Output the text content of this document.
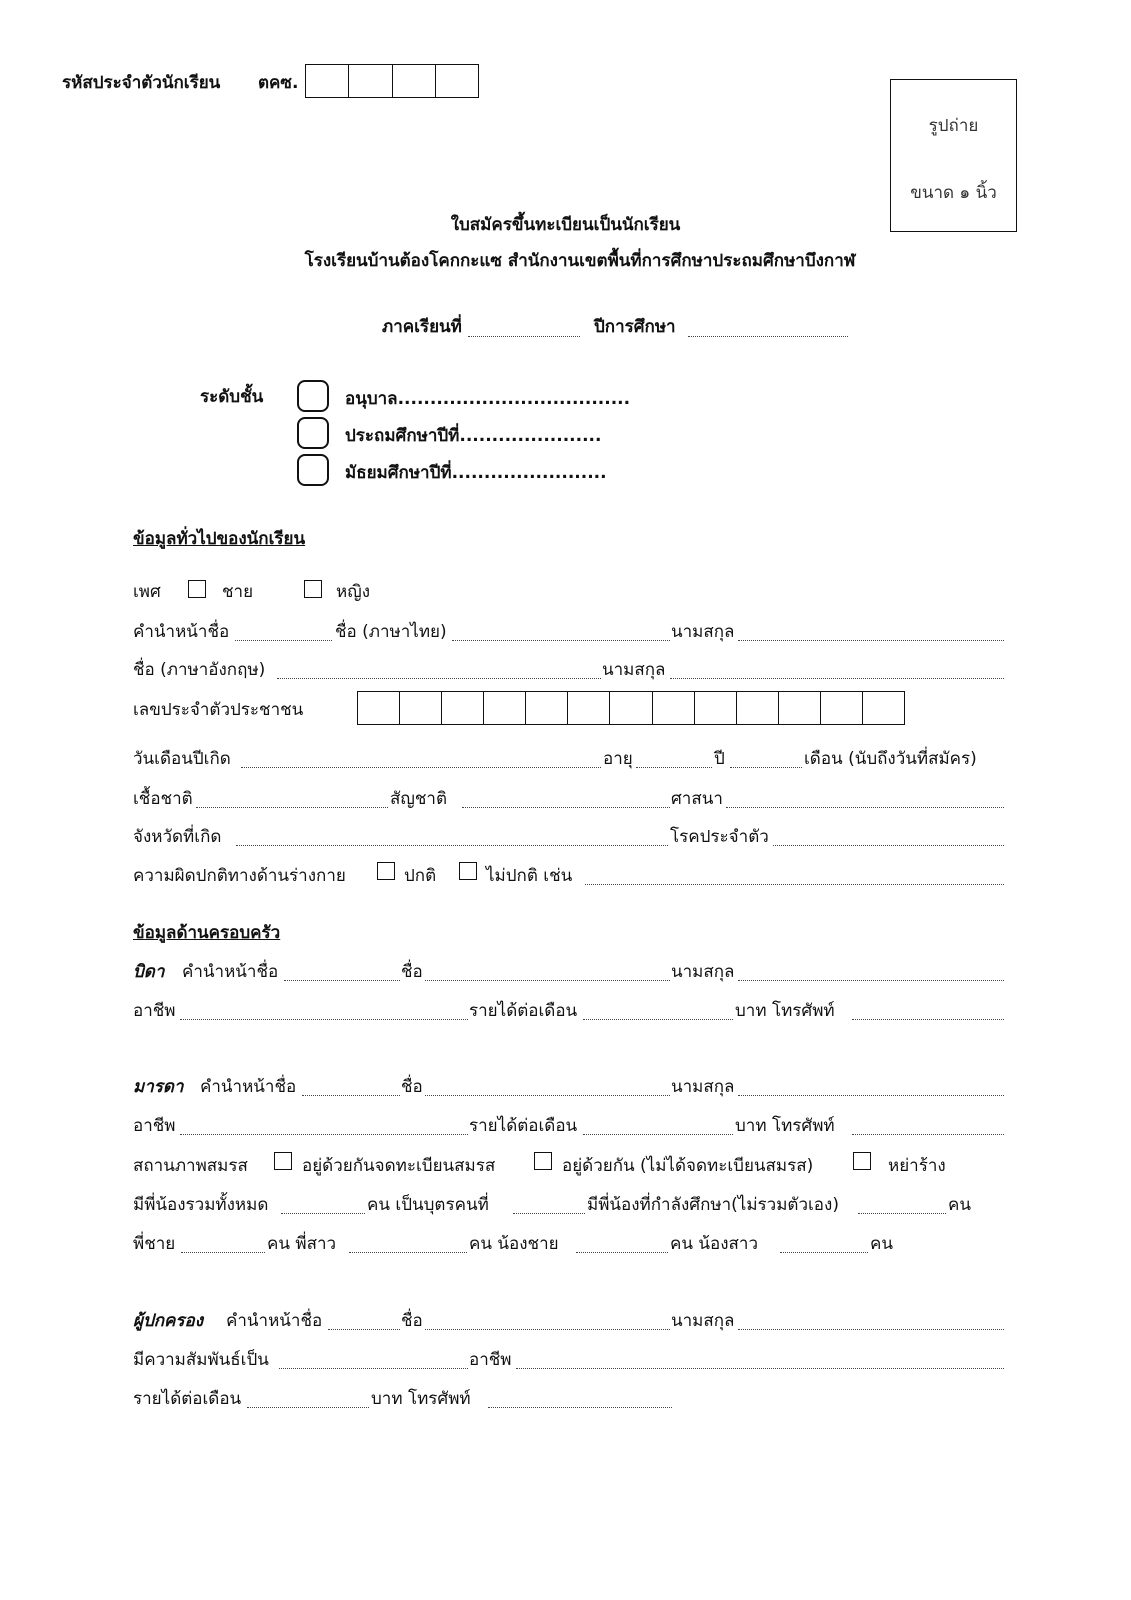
รหัสประจำตัวนักเรียน ตคซ.
รูปถ่าย
ขนาด ๑ นิ้ว
ใบสมัครขึ้นทะเบียนเป็นนักเรียน
โรงเรียนบ้านต้องโคกกะแซ สำนักงานเขตพื้นที่การศึกษาประถมศึกษาบึงกาฬ
ภาคเรียนที่	ปีการศึกษา
ระดับชั้น	อนุบาล....................................
ประถมศึกษาปีที่......................
มัธยมศึกษาปีที่........................
ข้อมูลทั่วไปของนักเรียน
เพศ	ชาย	หญิง
คำนำหน้าชื่อ	ชื่อ (ภาษาไทย)	นามสกุล
ชื่อ (ภาษาอังกฤษ)	นามสกุล
เลขประจำตัวประชาชน
วันเดือนปีเกิด	อายุ	ปี	เดือน (นับถึงวันที่สมัคร)
เชื้อชาติ	สัญชาติ	ศาสนา
จังหวัดที่เกิด	โรคประจำตัว
ความผิดปกติทางด้านร่างกาย	ปกติ	ไม่ปกติ เช่น
ข้อมูลด้านครอบครัว
บิดา คำนำหน้าชื่อ	ชื่อ	นามสกุล
อาชีพ	รายได้ต่อเดือน	บาท โทรศัพท์
มารดา คำนำหน้าชื่อ	ชื่อ	นามสกุล
อาชีพ	รายได้ต่อเดือน	บาท โทรศัพท์
สถานภาพสมรส	อยู่ด้วยกันจดทะเบียนสมรส	อยู่ด้วยกัน (ไม่ได้จดทะเบียนสมรส)	หย่าร้าง
มีพี่น้องรวมทั้งหมด	คน เป็นบุตรคนที่	มีพี่น้องที่กำลังศึกษา(ไม่รวมตัวเอง)	คน
พี่ชาย	คน พี่สาว	คน น้องชาย	คน น้องสาว	คน
ผู้ปกครอง คำนำหน้าชื่อ	ชื่อ	นามสกุล
มีความสัมพันธ์เป็น	อาชีพ
รายได้ต่อเดือน	บาท โทรศัพท์
